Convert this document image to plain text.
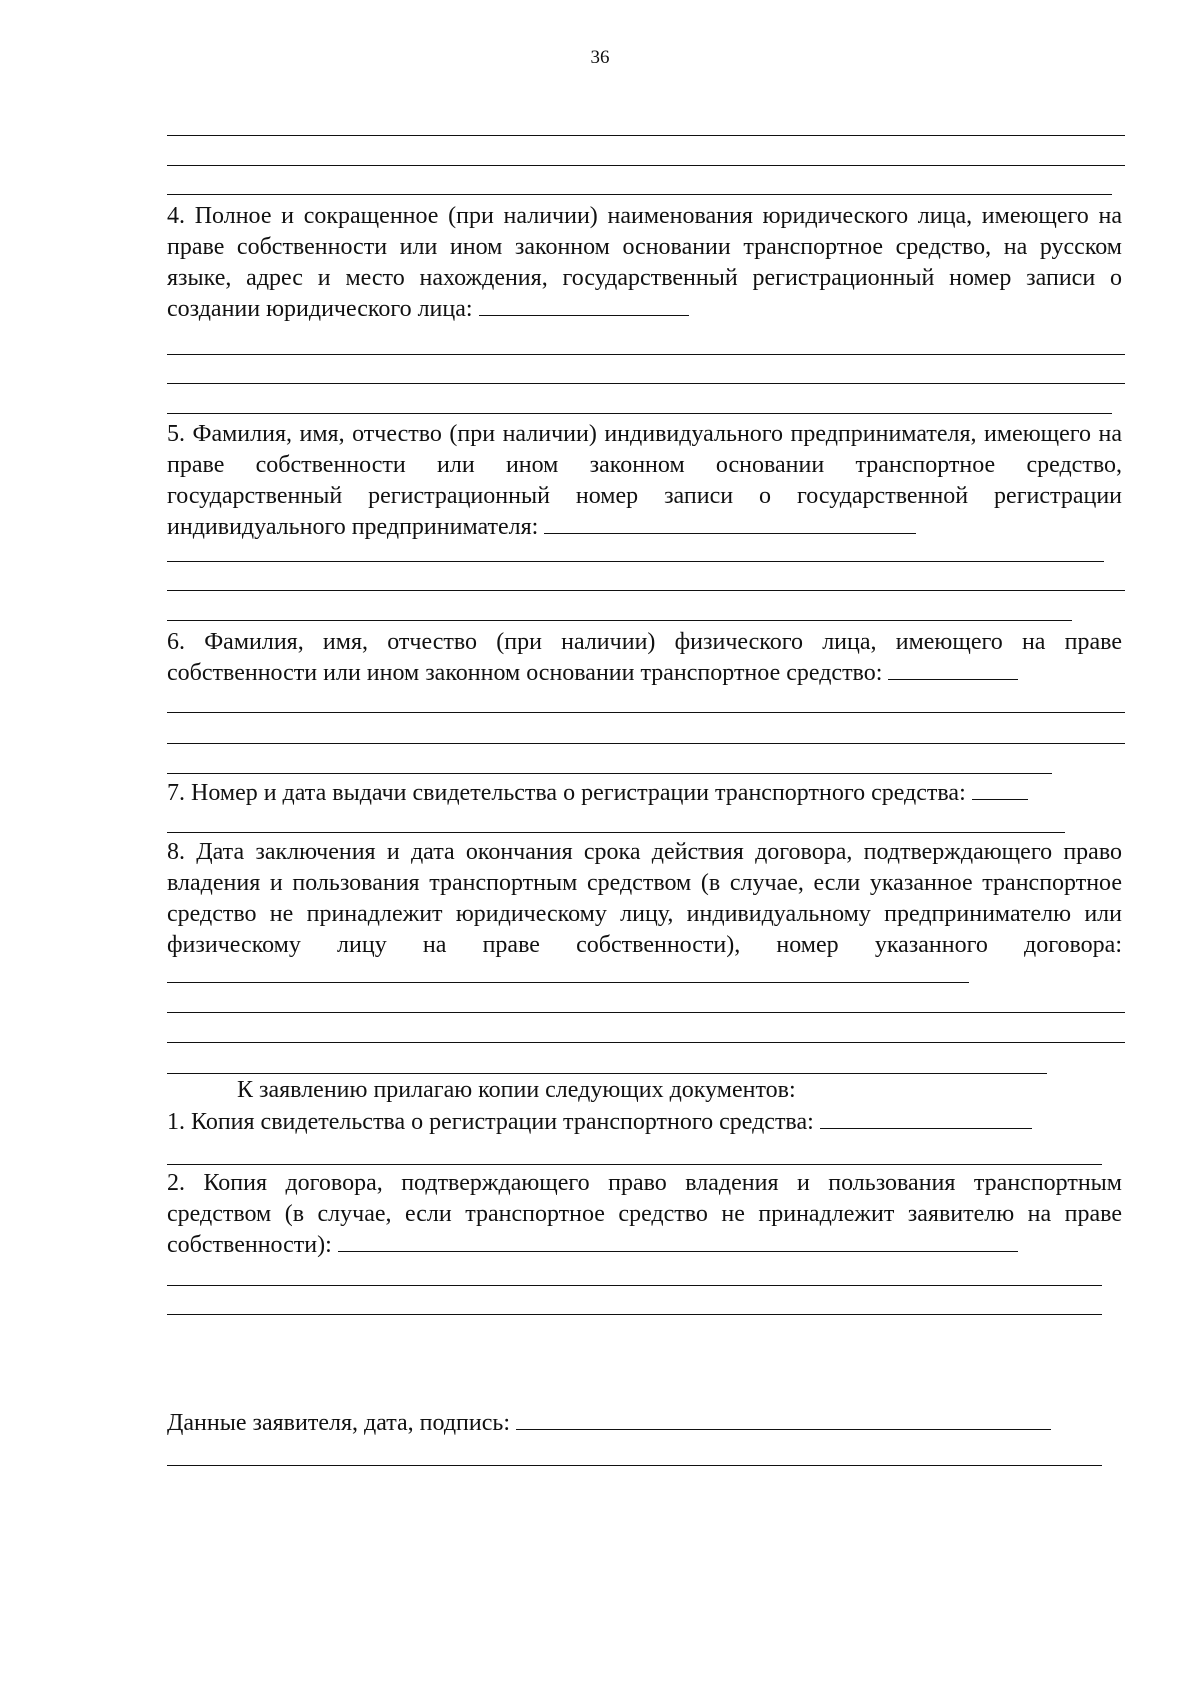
36

4. Полное и сокращенное (при наличии) наименования юридического лица, имеющего на праве собственности или ином законном основании транспортное средство, на русском языке, адрес и место нахождения, государственный регистрационный номер записи о создании юридического лица:

5. Фамилия, имя, отчество (при наличии) индивидуального предпринимателя, имеющего на праве собственности или ином законном основании транспортное средство, государственный регистрационный номер записи о государственной регистрации индивидуального предпринимателя:

6. Фамилия, имя, отчество (при наличии) физического лица, имеющего на праве собственности или ином законном основании транспортное средство:

7. Номер и дата выдачи свидетельства о регистрации транспортного средства:

8. Дата заключения и дата окончания срока действия договора, подтверждающего право владения и пользования транспортным средством (в случае, если указанное транспортное средство не принадлежит юридическому лицу, индивидуальному предпринимателю или физическому лицу на праве собственности), номер указанного договора:

К заявлению прилагаю копии следующих документов:

1. Копия свидетельства о регистрации транспортного средства:

2. Копия договора, подтверждающего право владения и пользования транспортным средством (в случае, если транспортное средство не принадлежит заявителю на праве собственности):

Данные заявителя, дата, подпись:
